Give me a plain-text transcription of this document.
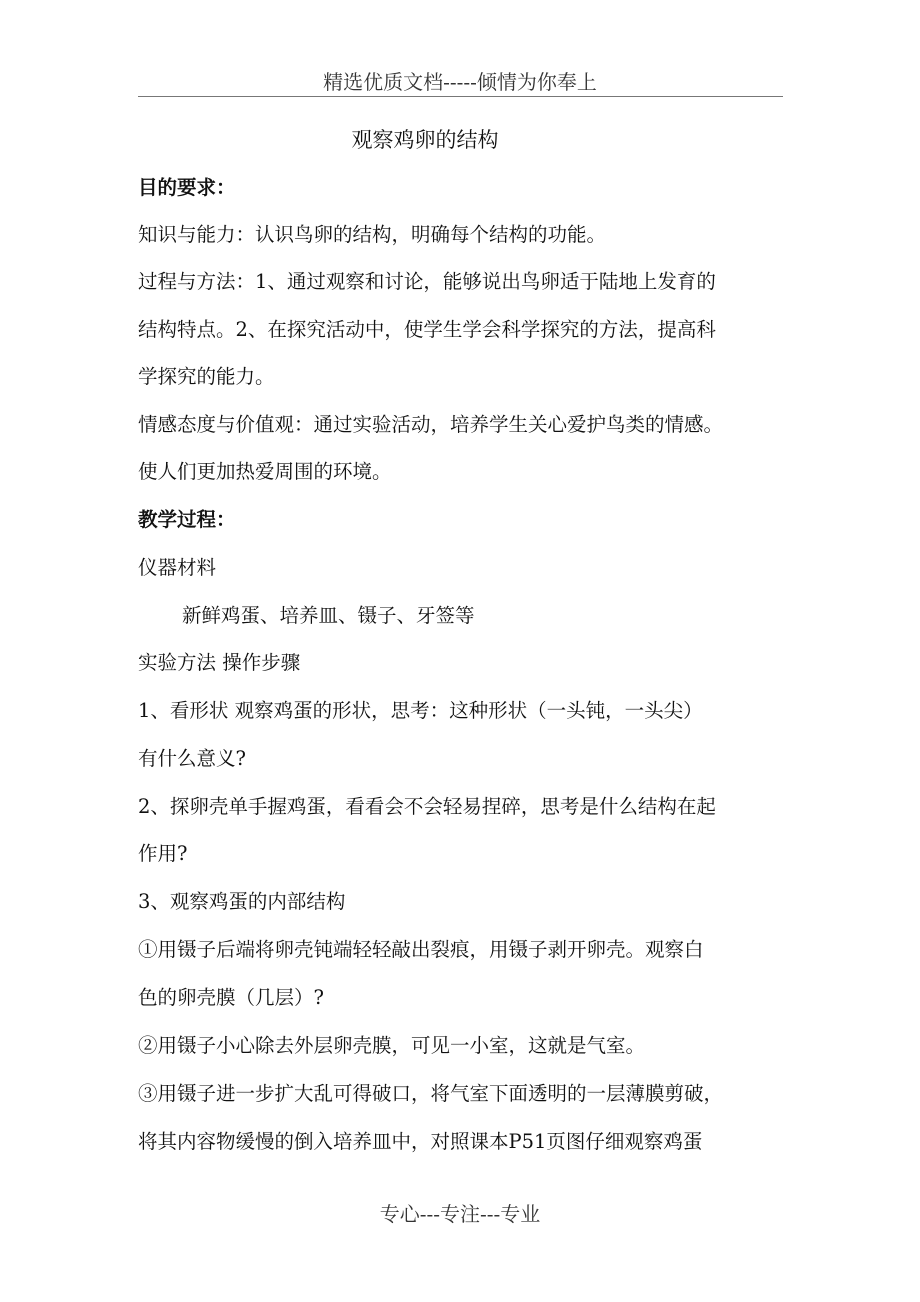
精选优质文档-----倾情为你奉上
观察鸡卵的结构
目的要求：
知识与能力：认识鸟卵的结构，明确每个结构的功能。
过程与方法：1、通过观察和讨论，能够说出鸟卵适于陆地上发育的
结构特点。2、在探究活动中，使学生学会科学探究的方法，提高科
学探究的能力。
情感态度与价值观：通过实验活动，培养学生关心爱护鸟类的情感。
使人们更加热爱周围的环境。
教学过程：
仪器材料
新鲜鸡蛋、培养皿、镊子、牙签等
实验方法 操作步骤
1、看形状 观察鸡蛋的形状，思考：这种形状（一头钝，一头尖）
有什么意义?
2、探卵壳单手握鸡蛋，看看会不会轻易捏碎，思考是什么结构在起
作用?
3、观察鸡蛋的内部结构
①用镊子后端将卵壳钝端轻轻敲出裂痕，用镊子剥开卵壳。观察白
色的卵壳膜（几层）?
②用镊子小心除去外层卵壳膜，可见一小室，这就是气室。
③用镊子进一步扩大乱可得破口，将气室下面透明的一层薄膜剪破，
将其内容物缓慢的倒入培养皿中，对照课本P51页图仔细观察鸡蛋
专心---专注---专业
